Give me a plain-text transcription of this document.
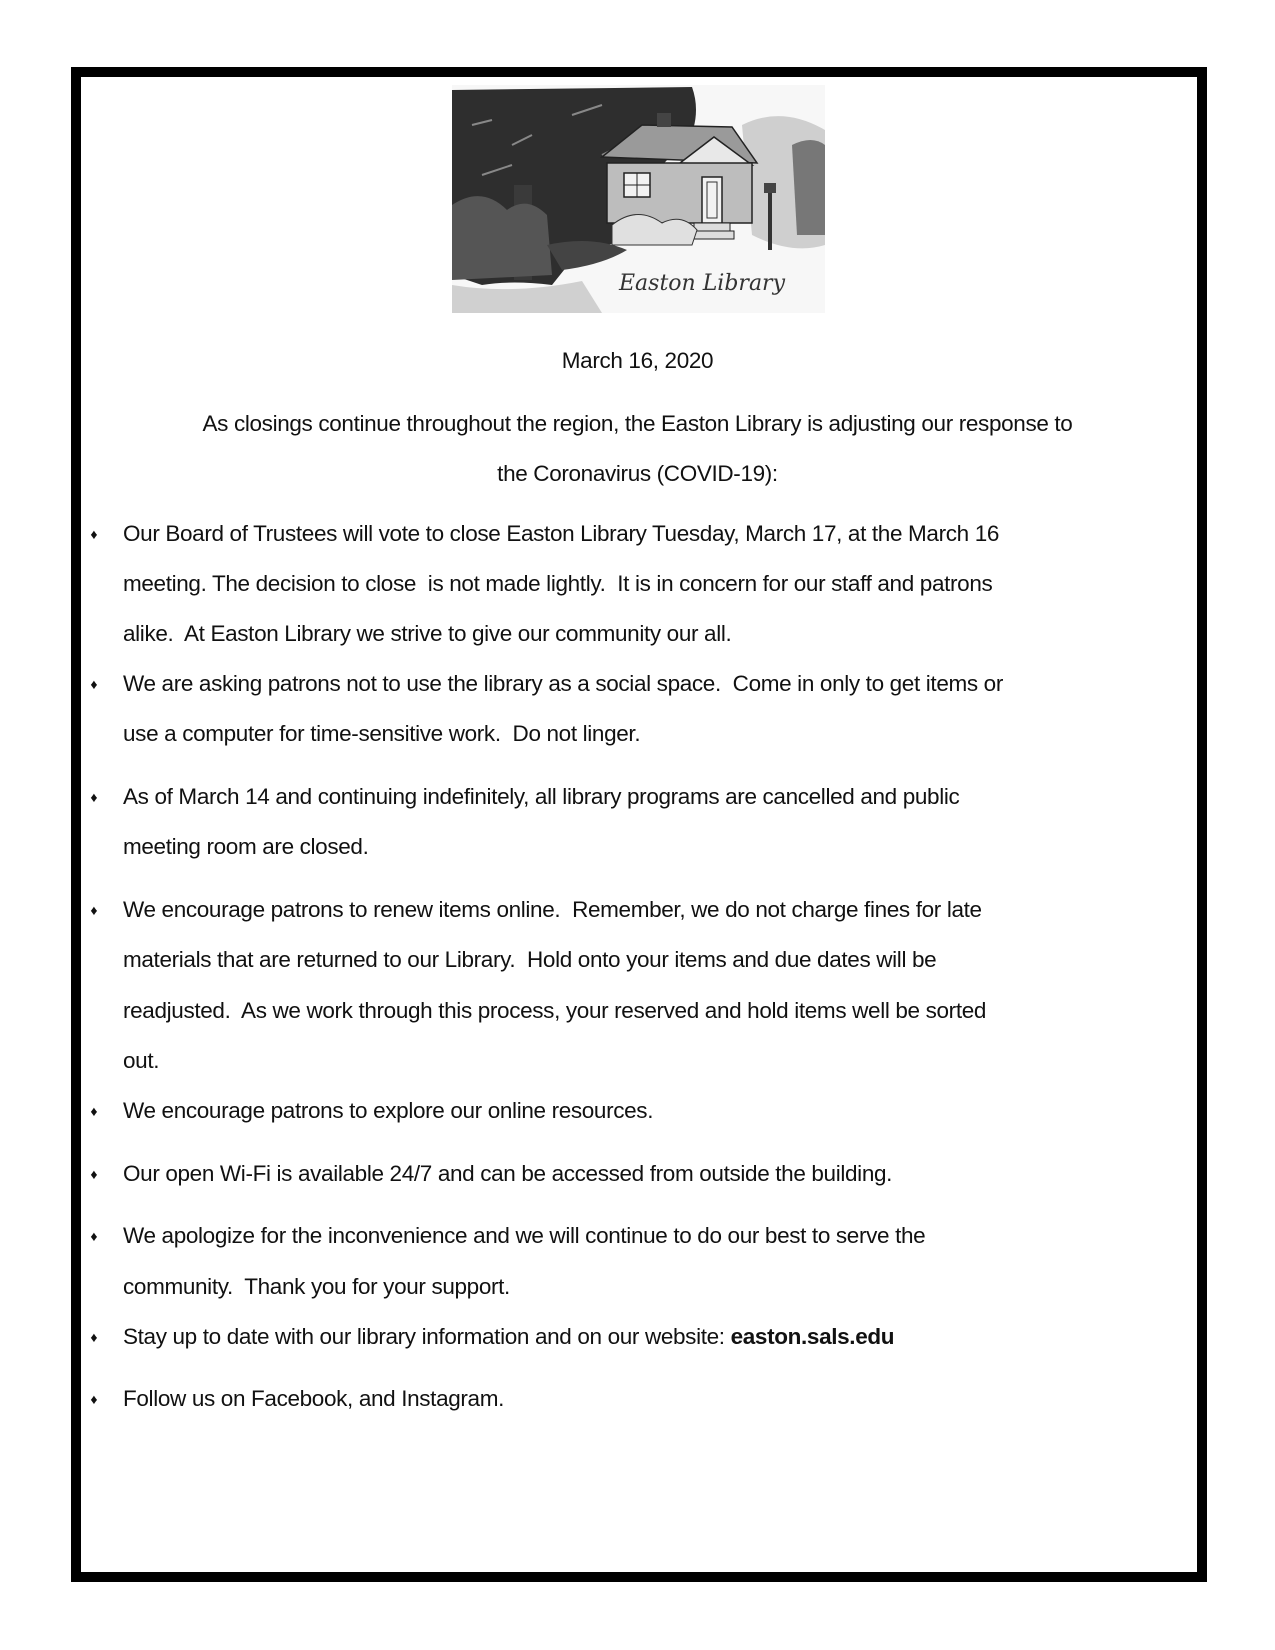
Easton Library
March 16, 2020
As closings continue throughout the region, the Easton Library is adjusting our response to
the Coronavirus (COVID-19):
♦ Our Board of Trustees will vote to close Easton Library Tuesday, March 17, at the March 16
meeting. The decision to close  is not made lightly.  It is in concern for our staff and patrons
alike.  At Easton Library we strive to give our community our all.
♦ We are asking patrons not to use the library as a social space.  Come in only to get items or
use a computer for time-sensitive work.  Do not linger.
♦ As of March 14 and continuing indefinitely, all library programs are cancelled and public
meeting room are closed.
♦ We encourage patrons to renew items online.  Remember, we do not charge fines for late
materials that are returned to our Library.  Hold onto your items and due dates will be
readjusted.  As we work through this process, your reserved and hold items well be sorted
out.
♦ We encourage patrons to explore our online resources.
♦ Our open Wi-Fi is available 24/7 and can be accessed from outside the building.
♦ We apologize for the inconvenience and we will continue to do our best to serve the
community.  Thank you for your support.
♦ Stay up to date with our library information and on our website: easton.sals.edu
♦ Follow us on Facebook, and Instagram.
